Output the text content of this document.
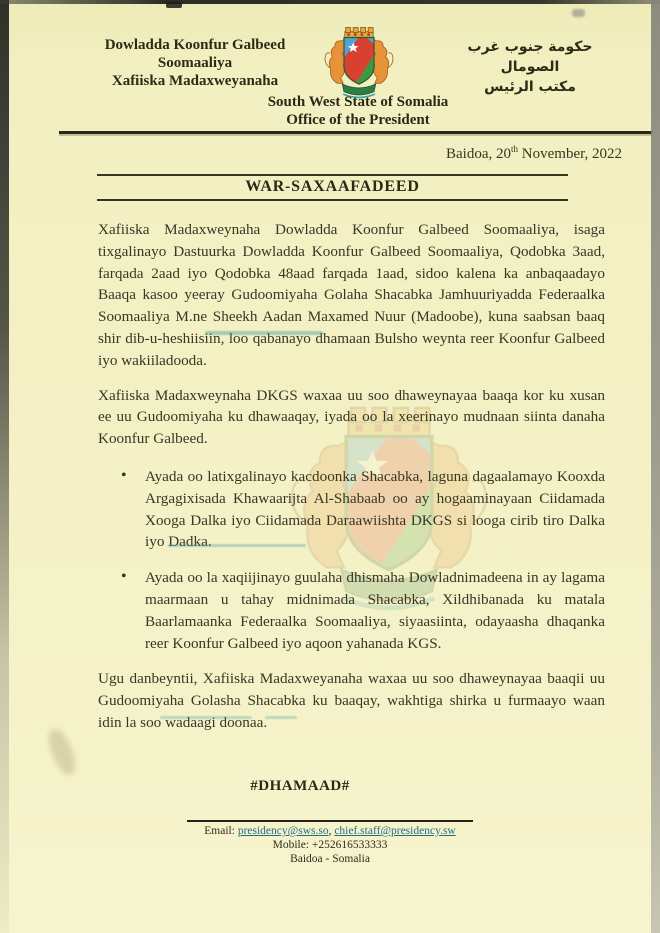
Dowladda Koonfur Galbeed Soomaaliya
Xafiiska Madaxweyanaha
حكومة جنوب غرب الصومال
مكتب الرئيس
South West State of Somalia
Office of the President
Baidoa, 20th November, 2022
WAR-SAXAAFADEED

Xafiiska Madaxweynaha Dowladda Koonfur Galbeed Soomaaliya, isaga tixgalinayo Dastuurka Dowladda Koonfur Galbeed Soomaaliya, Qodobka 3aad, farqada 2aad iyo Qodobka 48aad farqada 1aad, sidoo kalena ka anbaqaadayo Baaqa kasoo yeeray Gudoomiyaha Golaha Shacabka Jamhuuriyadda Federaalka Soomaaliya M.ne Sheekh Aadan Maxamed Nuur (Madoobe), kuna saabsan baaq shir dib-u-heshiisiin, loo qabanayo dhamaan Bulsho weynta reer Koonfur Galbeed iyo wakiiladooda.

Xafiiska Madaxweynaha DKGS waxaa uu soo dhaweynayaa baaqa kor ku xusan ee uu Gudoomiyaha ku dhawaaqay, iyada oo la xeerinayo mudnaan siinta danaha Koonfur Galbeed.

• Ayada oo latixgalinayo kacdoonka Shacabka, laguna dagaalamayo Kooxda Argagixisada Khawaarijta Al-Shabaab oo ay hogaaminayaan Ciidamada Xooga Dalka iyo Ciidamada Daraawiishta DKGS si looga cirib tiro Dalka iyo Dadka.
• Ayada oo la xaqiijinayo guulaha dhismaha Dowladnimadeena in ay lagama maarmaan u tahay midnimada Shacabka, Xildhibanada ku matala Baarlamaanka Federaalka Soomaaliya, siyaasiinta, odayaasha dhaqanka reer Koonfur Galbeed iyo aqoon yahanada KGS.

Ugu danbeyntii, Xafiiska Madaxweyanaha waxaa uu soo dhaweynayaa baaqii uu Gudoomiyaha Golasha Shacabka ku baaqay, wakhtiga shirka u furmaayo waan idin la soo wadaagi doonaa.

#DHAMAAD#
Email: presidency@sws.so, chief.staff@presidency.sw
Mobile: +252616533333
Baidoa - Somalia
